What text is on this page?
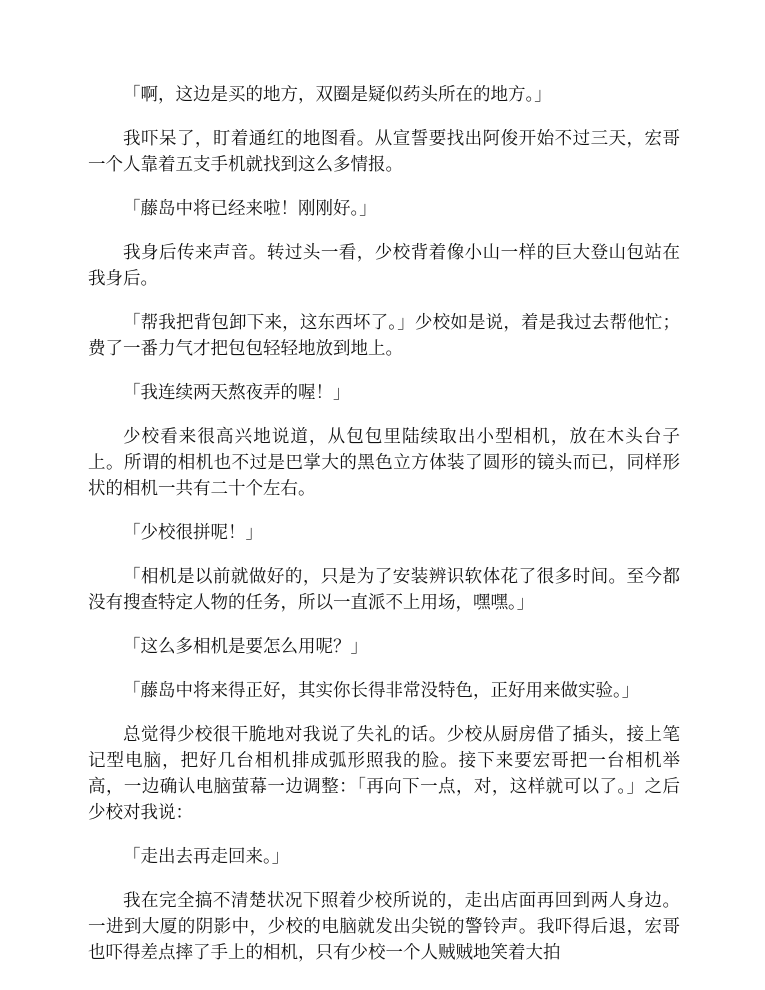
「啊，这边是买的地方，双圈是疑似药头所在的地方。」

我吓呆了，盯着通红的地图看。从宣誓要找出阿俊开始不过三天，宏哥一个人靠着五支手机就找到这么多情报。

「藤岛中将已经来啦！刚刚好。」

我身后传来声音。转过头一看，少校背着像小山一样的巨大登山包站在我身后。

「帮我把背包卸下来，这东西坏了。」少校如是说，着是我过去帮他忙；费了一番力气才把包包轻轻地放到地上。

「我连续两天熬夜弄的喔！」

少校看来很高兴地说道，从包包里陆续取出小型相机，放在木头台子上。所谓的相机也不过是巴掌大的黑色立方体装了圆形的镜头而已，同样形状的相机一共有二十个左右。

「少校很拼呢！」

「相机是以前就做好的，只是为了安装辨识软体花了很多时间。至今都没有搜查特定人物的任务，所以一直派不上用场，嘿嘿。」

「这么多相机是要怎么用呢？」

「藤岛中将来得正好，其实你长得非常没特色，正好用来做实验。」

总觉得少校很干脆地对我说了失礼的话。少校从厨房借了插头，接上笔记型电脑，把好几台相机排成弧形照我的脸。接下来要宏哥把一台相机举高，一边确认电脑萤幕一边调整：「再向下一点，对，这样就可以了。」之后少校对我说：

「走出去再走回来。」

我在完全搞不清楚状况下照着少校所说的，走出店面再回到两人身边。一进到大厦的阴影中，少校的电脑就发出尖锐的警铃声。我吓得后退，宏哥也吓得差点摔了手上的相机，只有少校一个人贼贼地笑着大拍
